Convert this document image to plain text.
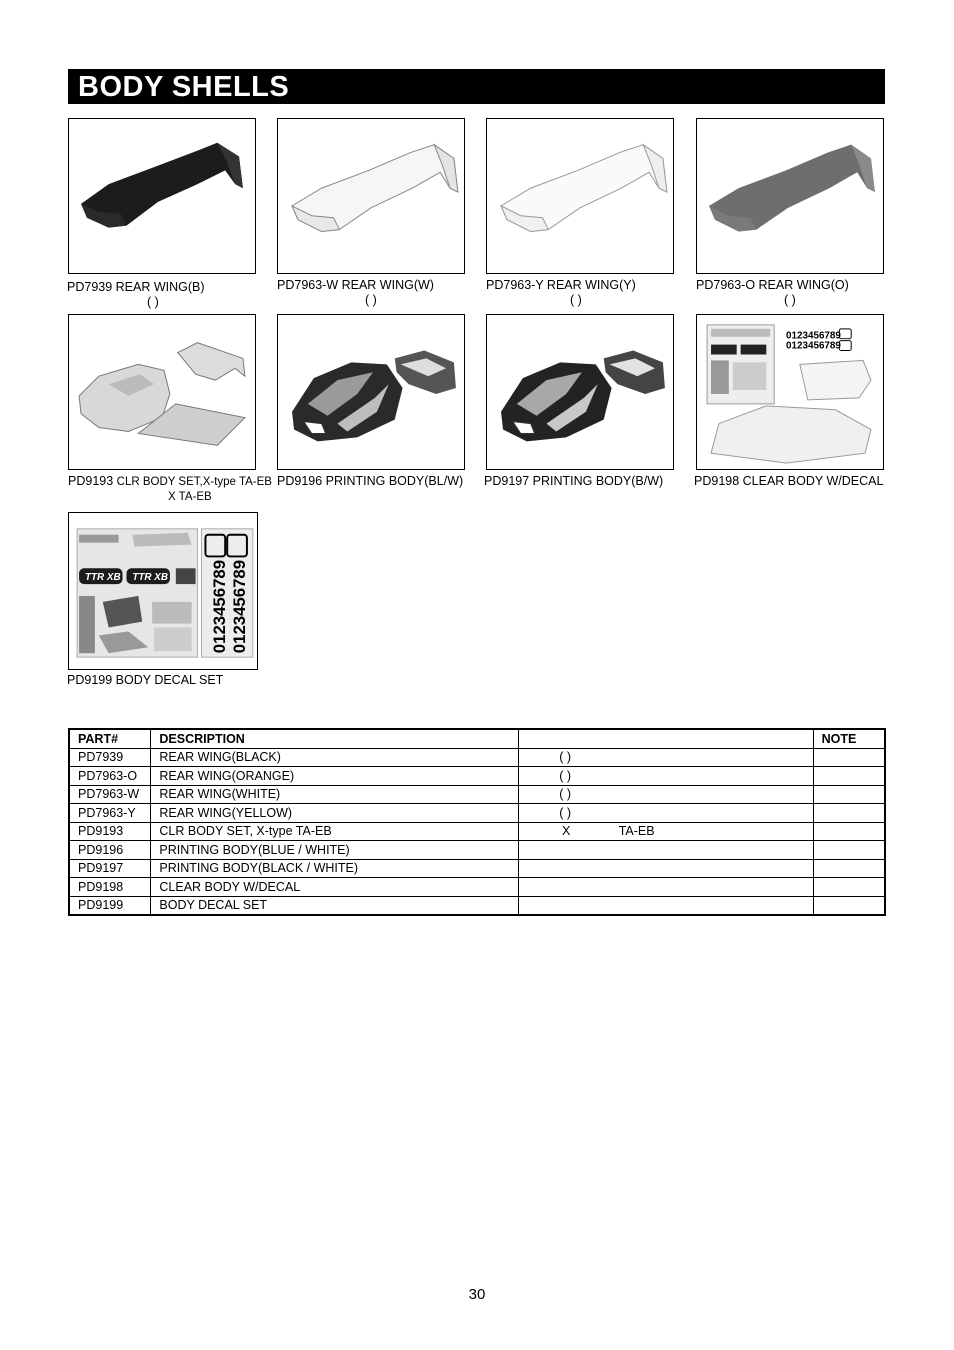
BODY SHELLS
PD7939 REAR WING(B)
( )
PD7963-W REAR WING(W)
( )
PD7963-Y REAR WING(Y)
( )
PD7963-O REAR WING(O)
( )
PD9193 CLR BODY SET,X-type TA-EB
X TA-EB
PD9196 PRINTING BODY(BL/W) PD9197 PRINTING BODY(B/W)
0123456789
0123456789
PD9198 CLEAR BODY W/DECAL
TTR XB TTR XB 0123456789 0123456789
PD9199 BODY DECAL SET
PART#	DESCRIPTION		NOTE
PD7939	REAR WING(BLACK)	( )	
PD7963-O	REAR WING(ORANGE)	( )	
PD7963-W	REAR WING(WHITE)	( )	
PD7963-Y	REAR WING(YELLOW)	( )	
PD9193	CLR BODY SET, X-type TA-EB	X              TA-EB	
PD9196	PRINTING BODY(BLUE / WHITE)		
PD9197	PRINTING BODY(BLACK / WHITE)		
PD9198	CLEAR BODY W/DECAL		
PD9199	BODY DECAL SET		
30
